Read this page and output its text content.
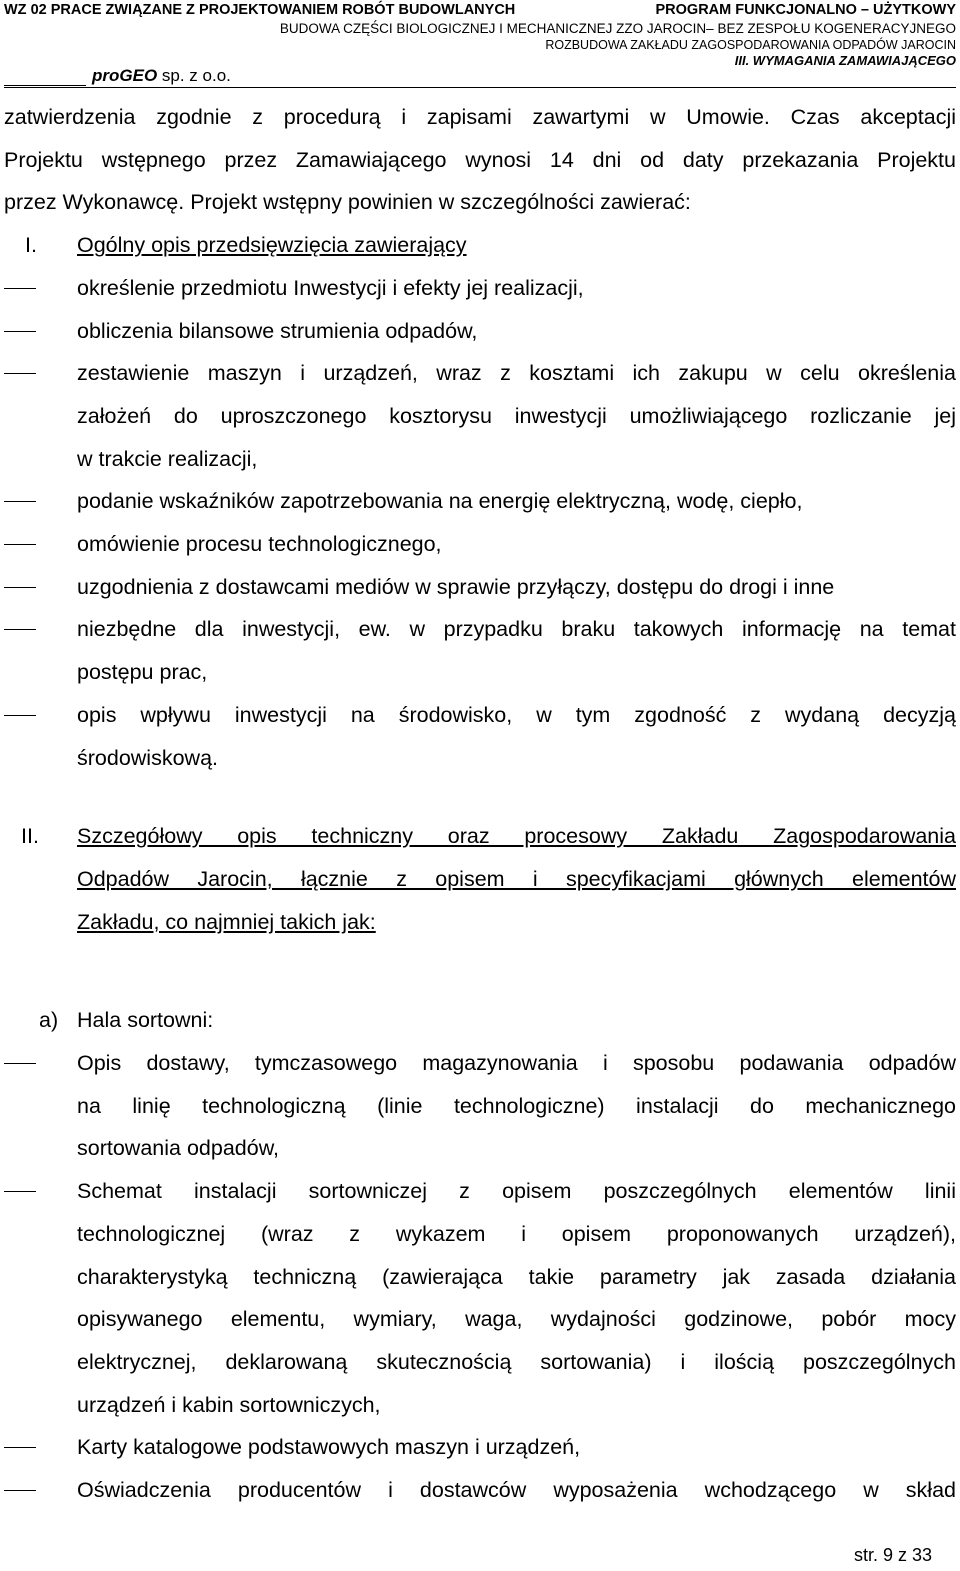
WZ 02 PRACE ZWIĄZANE Z PROJEKTOWANIEM ROBÓT BUDOWLANYCH	PROGRAM FUNKCJONALNO – UŻYTKOWY
BUDOWA CZĘŚCI BIOLOGICZNEJ I MECHANICZNEJ ZZO JAROCIN– BEZ ZESPOŁU KOGENERACYJNEGO
ROZBUDOWA ZAKŁADU ZAGOSPODAROWANIA ODPADÓW JAROCIN
III. WYMAGANIA ZAMAWIAJĄCEGO
proGEO sp. z o.o.
zatwierdzenia zgodnie z procedurą i zapisami zawartymi w Umowie. Czas akceptacji
Projektu wstępnego przez Zamawiającego wynosi 14 dni od daty przekazania Projektu
przez Wykonawcę. Projekt wstępny powinien w szczególności zawierać:
I. Ogólny opis przedsięwzięcia zawierający
określenie przedmiotu Inwestycji i efekty jej realizacji,
obliczenia bilansowe strumienia odpadów,
zestawienie maszyn i urządzeń, wraz z kosztami ich zakupu w celu określenia
założeń do uproszczonego kosztorysu inwestycji umożliwiającego rozliczanie jej
w trakcie realizacji,
podanie wskaźników zapotrzebowania na energię elektryczną, wodę, ciepło,
omówienie procesu technologicznego,
uzgodnienia z dostawcami mediów w sprawie przyłączy, dostępu do drogi i inne
niezbędne dla inwestycji, ew. w przypadku braku takowych informację na temat
postępu prac,
opis wpływu inwestycji na środowisko, w tym zgodność z wydaną decyzją
środowiskową.
II. Szczegółowy opis techniczny oraz procesowy Zakładu Zagospodarowania
Odpadów Jarocin, łącznie z opisem i specyfikacjami głównych elementów
Zakładu, co najmniej takich jak:
a) Hala sortowni:
Opis dostawy, tymczasowego magazynowania i sposobu podawania odpadów
na linię technologiczną (linie technologiczne) instalacji do mechanicznego
sortowania odpadów,
Schemat instalacji sortowniczej z opisem poszczególnych elementów linii
technologicznej (wraz z wykazem i opisem proponowanych urządzeń),
charakterystyką techniczną (zawierająca takie parametry jak zasada działania
opisywanego elementu, wymiary, waga, wydajności godzinowe, pobór mocy
elektrycznej, deklarowaną skutecznością sortowania) i ilością poszczególnych
urządzeń i kabin sortowniczych,
Karty katalogowe podstawowych maszyn i urządzeń,
Oświadczenia producentów i dostawców wyposażenia wchodzącego w skład
str. 9 z 33
